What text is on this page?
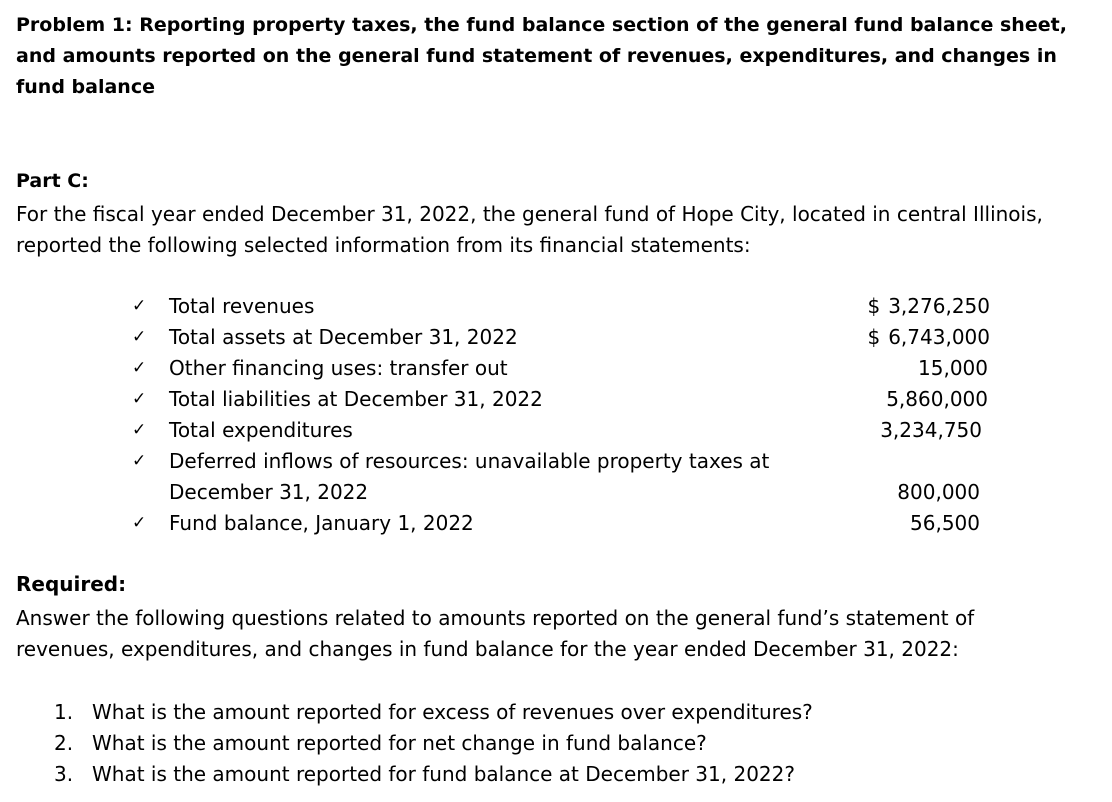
Problem 1: Reporting property taxes, the fund balance section of the general fund balance sheet, and amounts reported on the general fund statement of revenues, expenditures, and changes in fund balance

Part C:

For the fiscal year ended December 31, 2022, the general fund of Hope City, located in central Illinois, reported the following selected information from its financial statements:

✓ Total revenues	$ 3,276,250
✓ Total assets at December 31, 2022	$ 6,743,000
✓ Other financing uses: transfer out	15,000
✓ Total liabilities at December 31, 2022	5,860,000
✓ Total expenditures	3,234,750
✓ Deferred inflows of resources: unavailable property taxes at December 31, 2022	800,000
✓ Fund balance, January 1, 2022	56,500

Required:

Answer the following questions related to amounts reported on the general fund’s statement of revenues, expenditures, and changes in fund balance for the year ended December 31, 2022:

1. What is the amount reported for excess of revenues over expenditures?
2. What is the amount reported for net change in fund balance?
3. What is the amount reported for fund balance at December 31, 2022?
